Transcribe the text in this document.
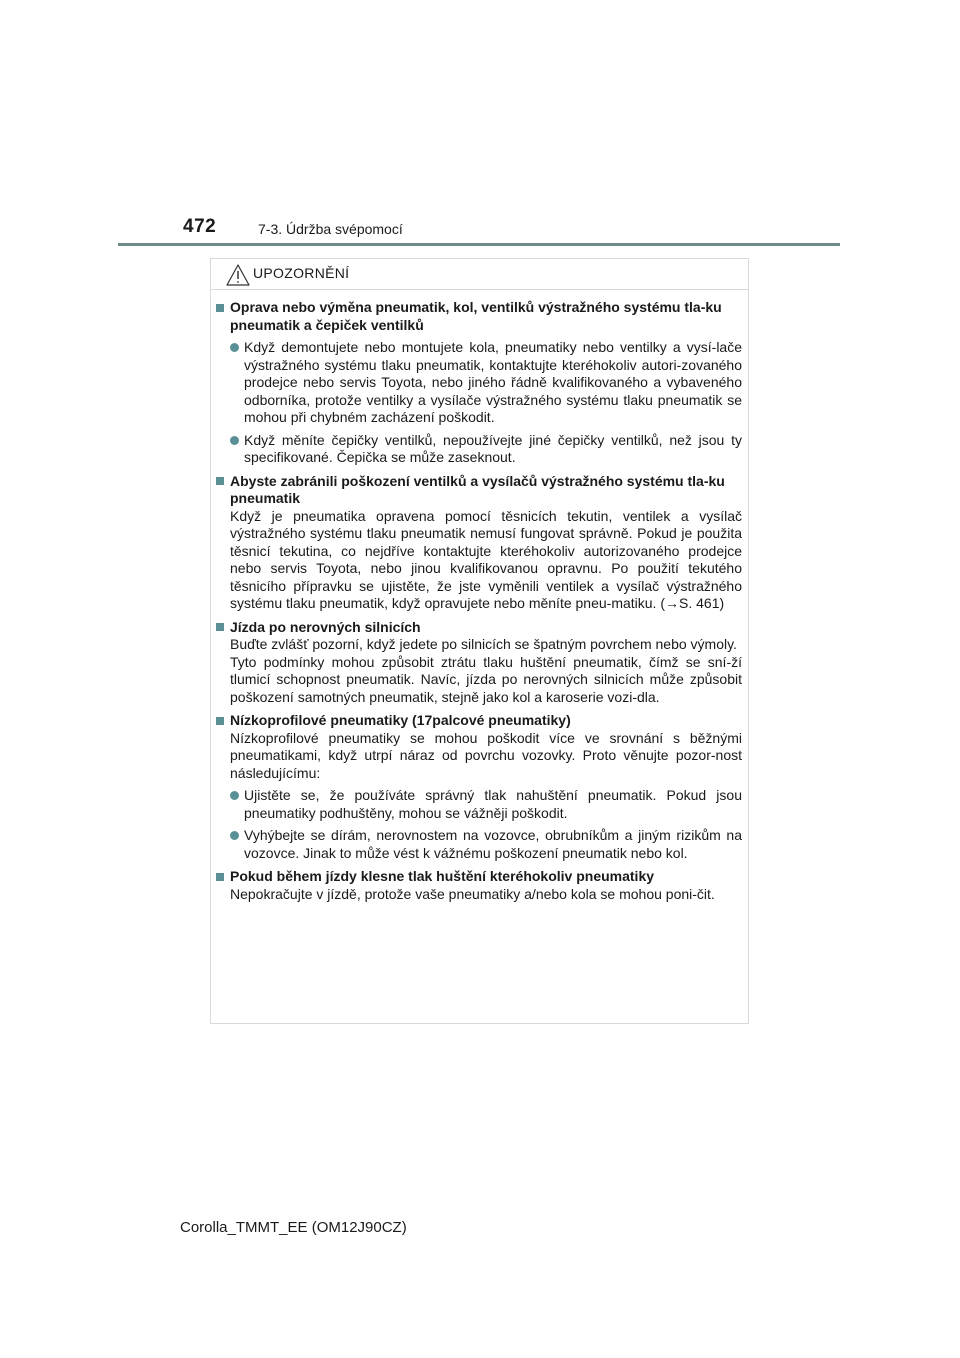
472	7-3. Údržba svépomocí
UPOZORNĚNÍ
Oprava nebo výměna pneumatik, kol, ventilků výstražného systému tla-ku pneumatik a čepiček ventilků
Když demontujete nebo montujete kola, pneumatiky nebo ventilky a vysí-lače výstražného systému tlaku pneumatik, kontaktujte kteréhokoliv autori-zovaného prodejce nebo servis Toyota, nebo jiného řádně kvalifikovaného a vybaveného odborníka, protože ventilky a vysílače výstražného systému tlaku pneumatik se mohou při chybném zacházení poškodit.
Když měníte čepičky ventilků, nepoužívejte jiné čepičky ventilků, než jsou ty specifikované. Čepička se může zaseknout.
Abyste zabránili poškození ventilků a vysílačů výstražného systému tla-ku pneumatik
Když je pneumatika opravena pomocí těsnicích tekutin, ventilek a vysílač výstražného systému tlaku pneumatik nemusí fungovat správně. Pokud je použita těsnicí tekutina, co nejdříve kontaktujte kteréhokoliv autorizovaného prodejce nebo servis Toyota, nebo jinou kvalifikovanou opravnu. Po použití tekutého těsnicího přípravku se ujistěte, že jste vyměnili ventilek a vysílač výstražného systému tlaku pneumatik, když opravujete nebo měníte pneu-matiku. (→S. 461)
Jízda po nerovných silnicích
Buďte zvlášť pozorní, když jedete po silnicích se špatným povrchem nebo výmoly.
Tyto podmínky mohou způsobit ztrátu tlaku huštění pneumatik, čímž se sní-ží tlumicí schopnost pneumatik. Navíc, jízda po nerovných silnicích může způsobit poškození samotných pneumatik, stejně jako kol a karoserie vozi-dla.
Nízkoprofilové pneumatiky (17palcové pneumatiky)
Nízkoprofilové pneumatiky se mohou poškodit více ve srovnání s běžnými pneumatikami, když utrpí náraz od povrchu vozovky. Proto věnujte pozor-nost následujícímu:
Ujistěte se, že používáte správný tlak nahuštění pneumatik. Pokud jsou pneumatiky podhuštěny, mohou se vážněji poškodit.
Vyhýbejte se dírám, nerovnostem na vozovce, obrubníkům a jiným rizikům na vozovce. Jinak to může vést k vážnému poškození pneumatik nebo kol.
Pokud během jízdy klesne tlak huštění kteréhokoliv pneumatiky
Nepokračujte v jízdě, protože vaše pneumatiky a/nebo kola se mohou poni-čit.
Corolla_TMMT_EE (OM12J90CZ)
